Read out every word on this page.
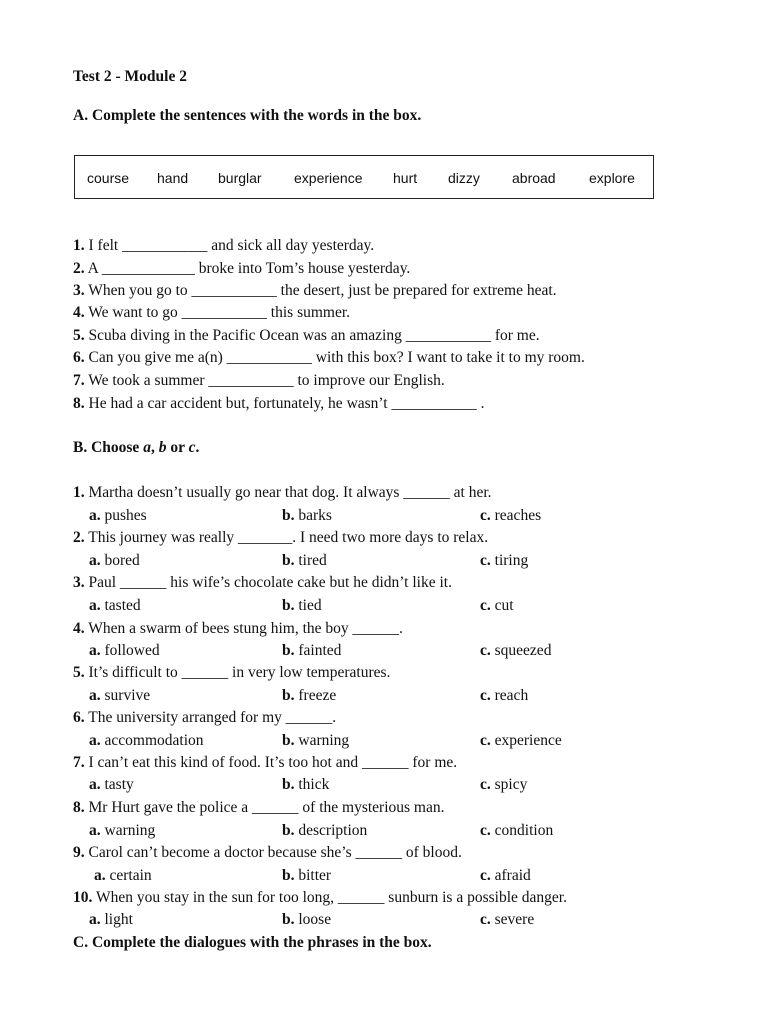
Test 2 - Module 2
A. Complete the sentences with the words in the box.
course hand burglar experience hurt dizzy abroad explore
1. I felt ___________ and sick all day yesterday.
2. A ____________ broke into Tom’s house yesterday.
3. When you go to ___________ the desert, just be prepared for extreme heat.
4. We want to go ___________ this summer.
5. Scuba diving in the Pacific Ocean was an amazing ___________ for me.
6. Can you give me a(n) ___________ with this box? I want to take it to my room.
7. We took a summer ___________ to improve our English.
8. He had a car accident but, fortunately, he wasn’t ___________ .
B. Choose a, b or c.
1. Martha doesn’t usually go near that dog. It always ______ at her.
a. pushes	b. barks	c. reaches
2. This journey was really _______. I need two more days to relax.
a. bored	b. tired	c. tiring
3. Paul ______ his wife’s chocolate cake but he didn’t like it.
a. tasted	b. tied	c. cut
4. When a swarm of bees stung him, the boy ______.
a. followed	b. fainted	c. squeezed
5. It’s difficult to ______ in very low temperatures.
a. survive	b. freeze	c. reach
6. The university arranged for my ______.
a. accommodation	b. warning	c. experience
7. I can’t eat this kind of food. It’s too hot and ______ for me.
a. tasty	b. thick	c. spicy
8. Mr Hurt gave the police a ______ of the mysterious man.
a. warning	b. description	c. condition
9. Carol can’t become a doctor because she’s ______ of blood.
a. certain	b. bitter	c. afraid
10. When you stay in the sun for too long, ______ sunburn is a possible danger.
a. light	b. loose	c. severe
C. Complete the dialogues with the phrases in the box.
